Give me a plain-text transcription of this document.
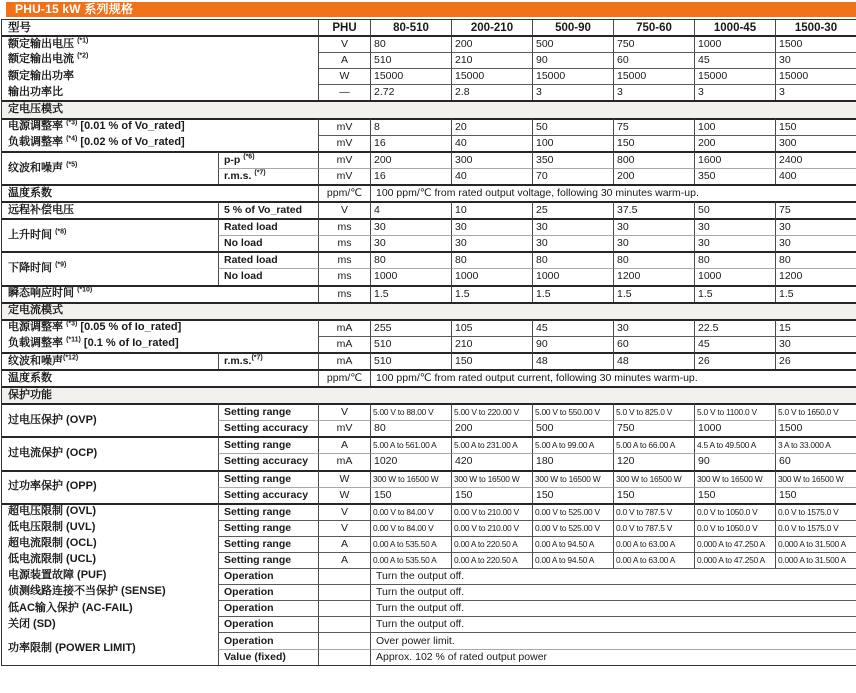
PHU-15 kW 系列规格
型号		PHU	80-510	200-210	500-90	750-60	1000-45	1500-30
额定输出电压 $^{(*1)}$		V	80	200	500	750	1000	1500
额定输出电流 $^{(*2)}$		A	510	210	90	60	45	30
额定输出功率		W	15000	15000	15000	15000	15000	15000
输出功率比		—	2.72	2.8	3	3	3	3
定电压模式								
电源调整率 $^{(*3)}$ [0.01 % of Vo_rated]		mV	8	20	50	75	100	150
负载调整率 $^{(*4)}$ [0.02 % of Vo_rated]		mV	16	40	100	150	200	300
纹波和噪声 $^{(*5)}$	p-p $^{(*6)}$	mV	200	300	350	800	1600	2400
	r.m.s. $^{(*7)}$	mV	16	40	70	200	350	400
温度系数		ppm/℃	100 ppm/℃ from rated output voltage, following 30 minutes warm-up.					
远程补偿电压	5 % of Vo_rated	V	4	10	25	37.5	50	75
上升时间 $^{(*8)}$	Rated load	ms	30	30	30	30	30	30
	No load	ms	30	30	30	30	30	30
下降时间 $^{(*9)}$	Rated load	ms	80	80	80	80	80	80
	No load	ms	1000	1000	1000	1200	1000	1200
瞬态响应时间 $^{(*10)}$		ms	1.5	1.5	1.5	1.5	1.5	1.5
定电流模式								
电源调整率 $^{(*3)}$ [0.05 % of Io_rated]		mA	255	105	45	30	22.5	15
负载调整率 $^{(*11)}$ [0.1 % of Io_rated]		mA	510	210	90	60	45	30
纹波和噪声$^{(*12)}$	r.m.s.$^{(*7)}$	mA	510	150	48	48	26	26
温度系数		ppm/℃	100 ppm/℃ from rated output current, following 30 minutes warm-up.					
保护功能								
过电压保护 (OVP)	Setting range	V	5.00 V to 88.00 V	5.00 V to 220.00 V	5.00 V to 550.00 V	5.0 V to 825.0 V	5.0 V to 1100.0 V	5.0 V to 1650.0 V
	Setting accuracy	mV	80	200	500	750	1000	1500
过电流保护 (OCP)	Setting range	A	5.00 A to 561.00 A	5.00 A to 231.00 A	5.00 A to 99.00 A	5.00 A to 66.00 A	4.5 A to 49.500 A	3 A to 33.000 A
	Setting accuracy	mA	1020	420	180	120	90	60
过功率保护 (OPP)	Setting range	W	300 W to 16500 W	300 W to 16500 W	300 W to 16500 W	300 W to 16500 W	300 W to 16500 W	300 W to 16500 W
	Setting accuracy	W	150	150	150	150	150	150
超电压限制 (OVL)	Setting range	V	0.00 V to 84.00 V	0.00 V to 210.00 V	0.00 V to 525.00 V	0.0 V to 787.5 V	0.0 V to 1050.0 V	0.0 V to 1575.0 V
低电压限制 (UVL)	Setting range	V	0.00 V to 84.00 V	0.00 V to 210.00 V	0.00 V to 525.00 V	0.0 V to 787.5 V	0.0 V to 1050.0 V	0.0 V to 1575.0 V
超电流限制 (OCL)	Setting range	A	0.00 A to 535.50 A	0.00 A to 220.50 A	0.00 A to 94.50 A	0.00 A to 63.00 A	0.000 A to 47.250 A	0.000 A to 31.500 A
低电流限制 (UCL)	Setting range	A	0.00 A to 535.50 A	0.00 A to 220.50 A	0.00 A to 94.50 A	0.00 A to 63.00 A	0.000 A to 47.250 A	0.000 A to 31.500 A
电源装置故障 (PUF)	Operation		Turn the output off.					
侦测线路连接不当保护 (SENSE)	Operation		Turn the output off.					
低AC输入保护 (AC-FAIL)	Operation		Turn the output off.					
关闭 (SD)	Operation		Turn the output off.					
功率限制 (POWER LIMIT)	Operation		Over power limit.					
	Value (fixed)		Approx. 102 % of rated output power					
